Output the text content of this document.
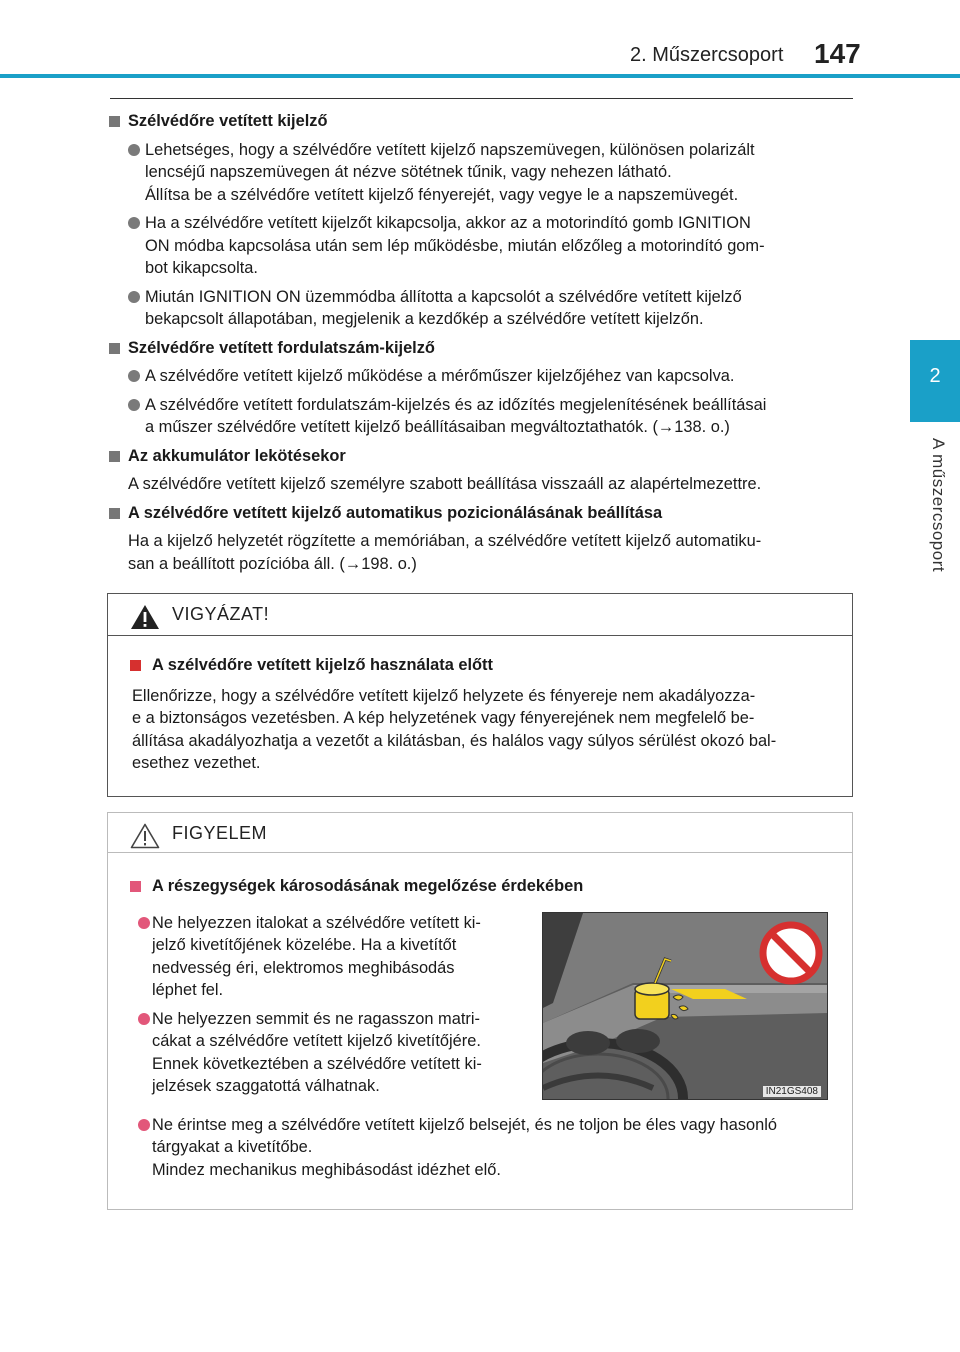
2. Műszercsoport 147
2
A műszercsoport
Szélvédőre vetített kijelző
Lehetséges, hogy a szélvédőre vetített kijelző napszemüvegen, különösen polarizált
lencséjű napszemüvegen át nézve sötétnek tűnik, vagy nehezen látható.
Állítsa be a szélvédőre vetített kijelző fényerejét, vagy vegye le a napszemüvegét.
Ha a szélvédőre vetített kijelzőt kikapcsolja, akkor az a motorindító gomb IGNITION
ON módba kapcsolása után sem lép működésbe, miután előzőleg a motorindító gom-
bot kikapcsolta.
Miután IGNITION ON üzemmódba állította a kapcsolót a szélvédőre vetített kijelző
bekapcsolt állapotában, megjelenik a kezdőkép a szélvédőre vetített kijelzőn.
Szélvédőre vetített fordulatszám-kijelző
A szélvédőre vetített kijelző működése a mérőműszer kijelzőjéhez van kapcsolva.
A szélvédőre vetített fordulatszám-kijelzés és az időzítés megjelenítésének beállításai
a műszer szélvédőre vetített kijelző beállításaiban megváltoztathatók. (→138. o.)
Az akkumulátor lekötésekor
A szélvédőre vetített kijelző személyre szabott beállítása visszaáll az alapértelmezettre.
A szélvédőre vetített kijelző automatikus pozicionálásának beállítása
Ha a kijelző helyzetét rögzítette a memóriában, a szélvédőre vetített kijelző automatiku-
san a beállított pozícióba áll. (→198. o.)
VIGYÁZAT!
A szélvédőre vetített kijelző használata előtt
Ellenőrizze, hogy a szélvédőre vetített kijelző helyzete és fényereje nem akadályozza-
e a biztonságos vezetésben. A kép helyzetének vagy fényerejének nem megfelelő be-
állítása akadályozhatja a vezetőt a kilátásban, és halálos vagy súlyos sérülést okozó bal-
esethez vezethet.
FIGYELEM
A részegységek károsodásának megelőzése érdekében
Ne helyezzen italokat a szélvédőre vetített ki-
jelző kivetítőjének közelébe. Ha a kivetítőt
nedvesség éri, elektromos meghibásodás
léphet fel.
Ne helyezzen semmit és ne ragasszon matri-
cákat a szélvédőre vetített kijelző kivetítőjére.
Ennek következtében a szélvédőre vetített ki-
jelzések szaggatottá válhatnak.
Ne érintse meg a szélvédőre vetített kijelző belsejét, és ne toljon be éles vagy hasonló
tárgyakat a kivetítőbe.
Mindez mechanikus meghibásodást idézhet elő.
IN21GS408
